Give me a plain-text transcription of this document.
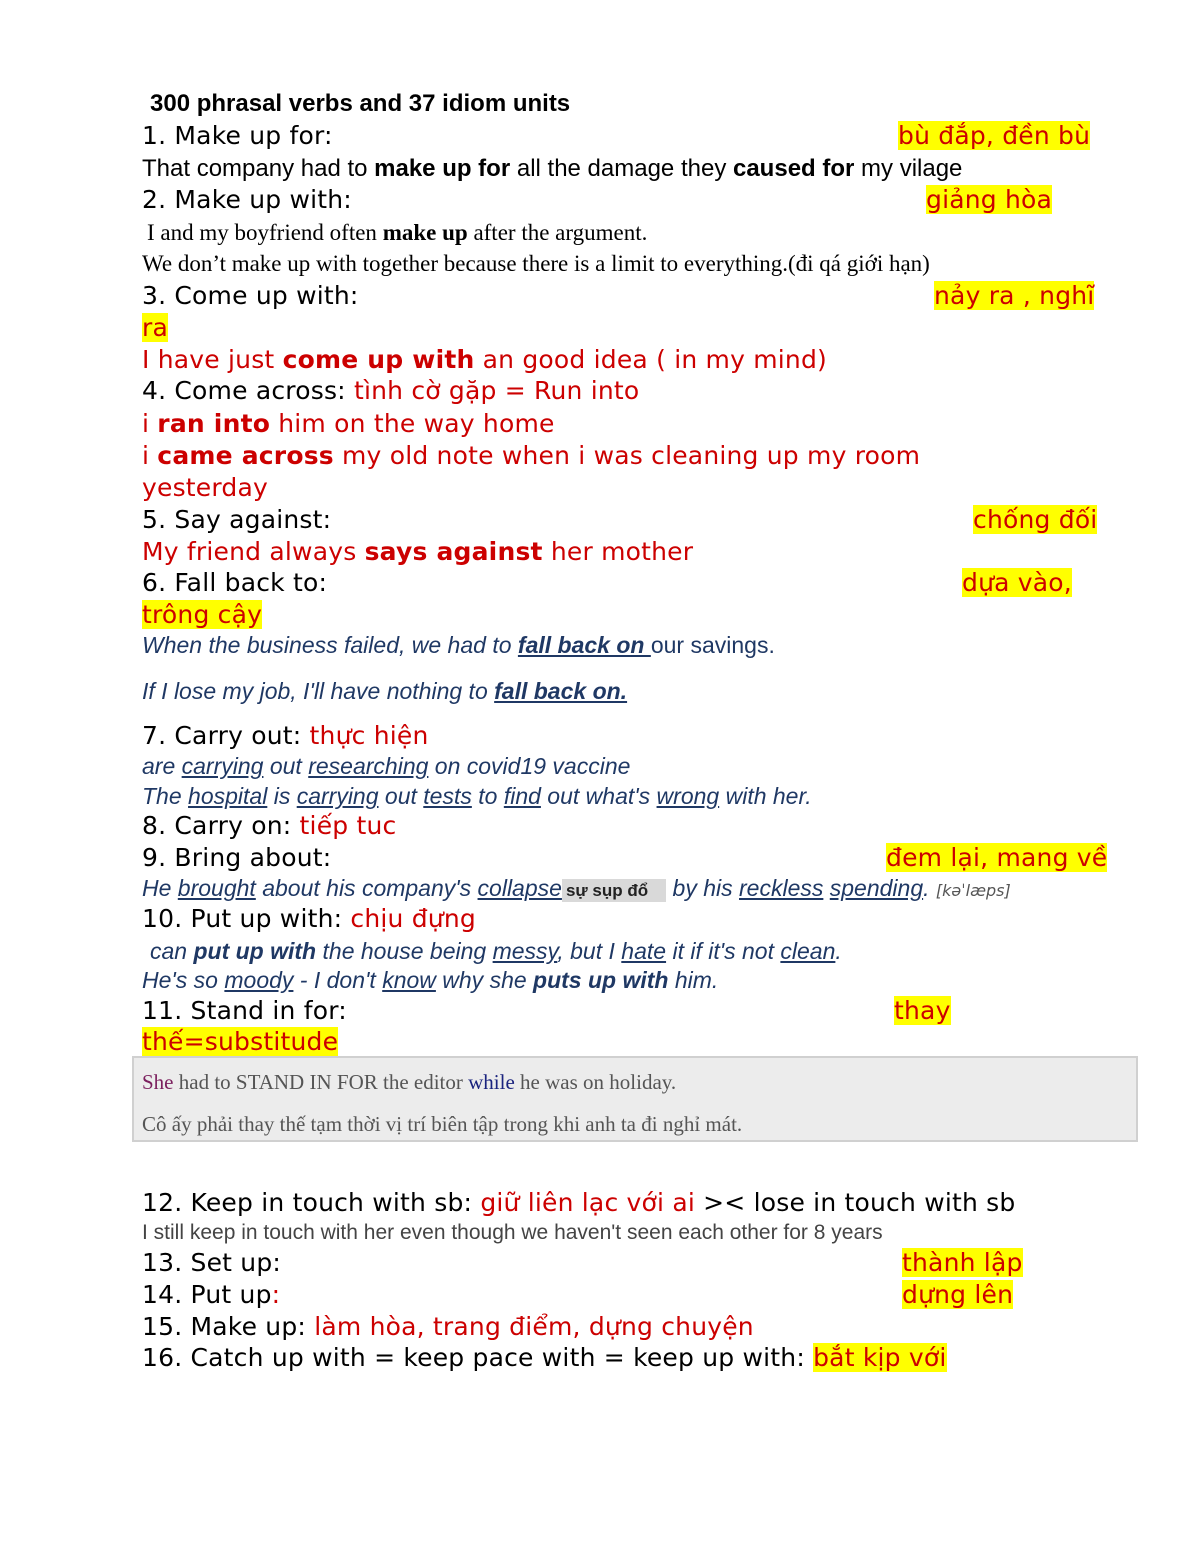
300 phrasal verbs and 37 idiom units
1. Make up for:	bù đắp, đền bù
That company had to make up for all the damage they caused for my vilage
2. Make up with:	giảng hòa
I and my boyfriend often make up after the argument.
We don’t make up with together because there is a limit to everything.(đi qá giới hạn)
3. Come up with:	nảy ra , nghĩ
ra
I have just come up with an good idea ( in my mind)
4. Come across: tình cờ gặp = Run into
i ran into him on the way home
i came across my old note when i was cleaning up my room
yesterday
5. Say against:	chống đối
My friend always says against her mother
6. Fall back to:	dựa vào,
trông cậy
When the business failed, we had to fall back on our savings.
If I lose my job, I'll have nothing to fall back on.
7. Carry out: thực hiện
are carrying out researching on covid19 vaccine
The hospital is carrying out tests to find out what's wrong with her.
8. Carry on: tiếp tuc
9. Bring about:	đem lại, mang về
He brought about his company's collapse sự sụp đổ by his reckless spending. [kəˈlæps]
10. Put up with: chịu đựng
can put up with the house being messy, but I hate it if it's not clean.
He's so moody - I don't know why she puts up with him.
11. Stand in for:	thay
thế=substitude
She had to STAND IN FOR the editor while he was on holiday.
Cô ấy phải thay thế tạm thời vị trí biên tập trong khi anh ta đi nghỉ mát.
12. Keep in touch with sb: giữ liên lạc với ai >< lose in touch with sb
I still keep in touch with her even though we haven't seen each other for 8 years
13. Set up:	thành lập
14. Put up:	dựng lên
15. Make up: làm hòa, trang điểm, dựng chuyện
16. Catch up with = keep pace with = keep up with: bắt kịp với
